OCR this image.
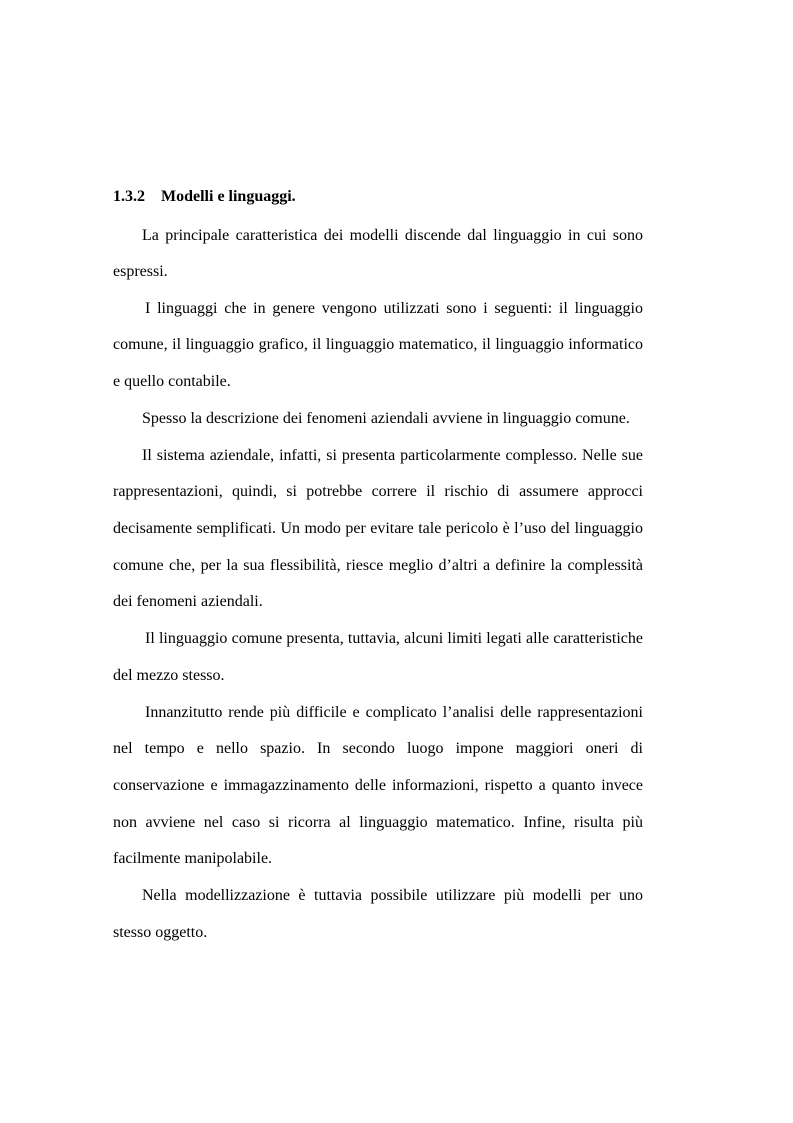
1.3.2 Modelli e linguaggi.
La principale caratteristica dei modelli discende dal linguaggio in cui sono
espressi.
I linguaggi che in genere vengono utilizzati sono i seguenti: il linguaggio
comune, il linguaggio grafico, il linguaggio matematico, il linguaggio informatico
e quello contabile.
Spesso la descrizione dei fenomeni aziendali avviene in linguaggio comune.
Il sistema aziendale, infatti, si presenta particolarmente complesso. Nelle sue
rappresentazioni, quindi, si potrebbe correre il rischio di assumere approcci
decisamente semplificati. Un modo per evitare tale pericolo è l’uso del linguaggio
comune che, per la sua flessibilità, riesce meglio d’altri a definire la complessità
dei fenomeni aziendali.
Il linguaggio comune presenta, tuttavia, alcuni limiti legati alle caratteristiche
del mezzo stesso.
Innanzitutto rende più difficile e complicato l’analisi delle rappresentazioni
nel tempo e nello spazio. In secondo luogo impone maggiori oneri di
conservazione e immagazzinamento delle informazioni, rispetto a quanto invece
non avviene nel caso si ricorra al linguaggio matematico. Infine, risulta più
facilmente manipolabile.
Nella modellizzazione è tuttavia possibile utilizzare più modelli per uno
stesso oggetto.
